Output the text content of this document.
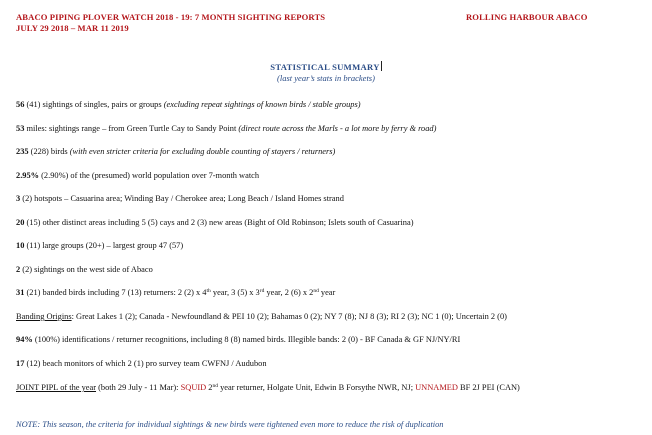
ABACO PIPING PLOVER WATCH 2018 - 19: 7 MONTH SIGHTING REPORTS
JULY 29 2018 – MAR 11 2019
ROLLING HARBOUR ABACO
STATISTICAL SUMMARY
(last year’s stats in brackets)
56 (41) sightings of singles, pairs or groups (excluding repeat sightings of known birds / stable groups)
53 miles: sightings range – from Green Turtle Cay to Sandy Point (direct route across the Marls - a lot more by ferry & road)
235 (228) birds (with even stricter criteria for excluding double counting of stayers / returners)
2.95% (2.90%) of the (presumed) world population over 7-month watch
3 (2) hotspots – Casuarina area; Winding Bay / Cherokee area; Long Beach / Island Homes strand
20 (15) other distinct areas including 5 (5) cays and 2 (3) new areas (Bight of Old Robinson; Islets south of Casuarina)
10 (11) large groups (20+) – largest group 47 (57)
2 (2) sightings on the west side of Abaco
31 (21) banded birds including 7 (13) returners: 2 (2) x 4th year, 3 (5) x 3rd year, 2 (6) x 2nd year
Banding Origins: Great Lakes 1 (2); Canada - Newfoundland & PEI 10 (2); Bahamas 0 (2); NY 7 (8); NJ 8 (3); RI 2 (3); NC 1 (0); Uncertain 2 (0)
94% (100%) identifications / returner recognitions, including 8 (8) named birds. Illegible bands: 2 (0) - BF Canada & GF NJ/NY/RI
17 (12) beach monitors of which 2 (1) pro survey team CWFNJ / Audubon
JOINT PIPL of the year (both 29 July - 11 Mar): SQUID 2nd year returner, Holgate Unit, Edwin B Forsythe NWR, NJ; UNNAMED BF 2J PEI (CAN)
NOTE: This season, the criteria for individual sightings & new birds were tightened even more to reduce the risk of duplication
